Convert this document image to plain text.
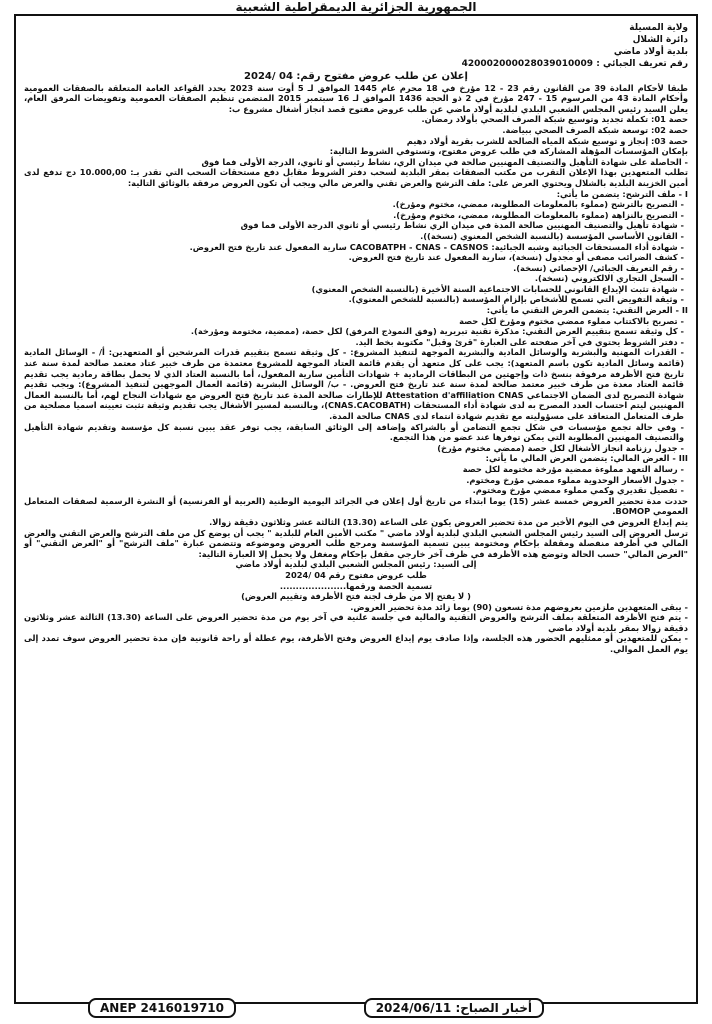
الجمهورية الجزائرية الديمقراطية الشعبية

ولاية المسيلة

دائرة الشلال

بلدية أولاد ماضي

رقم تعريف الجبائي : 420002000028039010009

إعلان عن طلب عروض مفتوح رقم: 04 /2024

طبقا لأحكام المادة 39 من القانون رقم 23 - 12 مؤرخ في 18 محرم عام 1445 الموافق لـ 5 أوت سنة 2023 يحدد القواعد العامة المتعلقة بالصفقات العمومية وأحكام المادة 43 من المرسوم 15 - 247 مؤرخ في 2 ذو الحجة 1436 الموافق لـ 16 سبتمبر 2015 المتضمن تنظيم الصفقات العمومية وتفويضات المرفق العام، يعلن السيد رئيس المجلس الشعبي البلدي لبلدية أولاد ماضي عن طلب عروض مفتوح قصد انجاز أشغال مشروع ب:

حصة 01: تكملة تجديد وتوسيع شبكة الصرف الصحي بأولاد رمضان.

حصة 02: توسعة شبكة الصرف الصحي ببياضة.

حصة 03: إنجاز و توسيع شبكة المياه الصالحة للشرب بقرية أولاد دهيم

بإمكان المؤسسات المؤهلة المشاركة في طلب عروض مفتوح، وتستوفي الشروط التالية:

- الحاصلة على شهادة التأهيل والتصنيف المهنيين صالحة في ميدان الري، نشاط رئيسي أو ثانوي، الدرجة الأولى فما فوق

تطلب المتعهدين بهذا الإعلان التقرب من مكتب الصفقات بمقر البلدية لسحب دفتر الشروط مقابل دفع مستحقات السحب التي تقدر بـ: 10.000,00 دج تدفع لدى أمين الخزينة البلدية بالشلال ويحتوي العرض على: ملف الترشح والعرض تقني والعرض مالي ويجب أن تكون العروض مرفقة بالوثائق التالية:

I - ملف الترشح: يتضمن ما يأتي:

- التصريح بالترشح (مملوء بالمعلومات المطلوبة، ممضي، مختوم ومؤرخ).

- التصريح بالنزاهة (مملوء بالمعلومات المطلوبة، ممضي، مختوم ومؤرخ).

- شهادة تأهيل والتصنيف المهنيين صالحة المدة في ميدان الري نشاط رئيسي أو ثانوي الدرجة الأولى فما فوق

- القانون الأساسي المؤسسة (بالنسبة الشخص المعنوي (نسخة)).

- شهادة أداء المستحقات الجبائية وشبه الجبائية: CACOBATPH - CNAS - CASNOS سارية المفعول عند تاريخ فتح العروض.

- كشف الضرائب مصفى أو مجدول (نسخة)، سارية المفعول عند تاريخ فتح العروض.

- رقم التعريف الجبائي/ الإحصائي (نسخة).

- السجل التجاري الالكتروني (نسخة).

- شهادة تثبت الإيداع القانوني للحسابات الاجتماعية السنة الأخيرة (بالنسبة الشخص المعنوي)

- وثيقة التفويض التي تسمح للأشخاص بإلزام المؤسسة (بالنسبة للشخص المعنوي).

II - العرض التقني: يتضمن العرض التقني ما يأتي:

- تصريح بالاكتتاب مملوء ممضي مختوم ومؤرخ لكل حصة

- كل وثيقة تسمح بتقييم العرض التقني: مذكرة تقنية تبريرية (وفق النموذج المرفق) لكل حصة، (ممضية، مختومة ومؤرخة).

- دفتر الشروط يحتوي في آخر صفحته على العبارة "قرئ وقبل" مكتوبة بخط اليد.

- القدرات المهنية والبشرية والوسائل المادية والبشرية الموجهة لتنفيذ المشروع: - كل وثيقة تسمح بتقييم قدرات المرشحين أو المتعهدين: أ/ - الوسائل المادية (قائمة وسائل المادية تكون باسم المتعهد): يجب على كل متعهد أن يقدم قائمة العتاد الموجهة للمشروع معتمدة من طرف خبير عتاد معتمد صالحة لمدة سنة عند تاريخ فتح الأظرفة مرفوقة بنسخ ذات وإجهتين من البطاقات الرمادية + شهادات التأمين سارية المفعول، أما بالنسبة العتاد الذي لا يحمل بطاقة رمادية يجب تقديم قائمة العتاد معدة من طرف خبير معتمد صالحة لمدة سنة عند تاريخ فتح العروض. - ب/ الوسائل البشرية (قائمة العمال الموجهين لتنفيذ المشروع): ويجب تقديم شهادة التصريح لدى الضمان الاجتماعي Attestation d'affiliation CNAS للإطارات صالحة المدة عند تاريخ فتح العروض مع شهادات النجاح لهم، أما بالنسبة العمال المهنيين ليتم احتساب العدد المصرح به لدى شهادة أداء المستحقات (CNAS.CACOBATH)، وبالنسبة لمسير الأشغال يجب تقديم وثيقة تثبت تعيينه اسميا مصلحية من طرف المتعامل المتعاقد على مسؤوليته مع تقديم شهادة انتماء لدى CNAS صالحة المدة.

- وفي حالة تجمع مؤسسات في شكل تجمع التضامن أو بالشراكة وإضافة إلى الوثائق السابقة، يجب توفر عقد يبين نسبة كل مؤسسة وتقديم شهادة التأهيل والتصنيف المهنيين المطلوبة التي يمكن توفرها عند عضو من هذا التجمع.

- جدول رزنامة انجاز الأشغال لكل حصة (ممضي مختوم مؤرخ)

III - العرض المالي: يتضمن العرض المالي ما يأتي:

- رسالة التعهد مملوءة ممضية مؤرخة مختومة لكل حصة

- جدول الأسعار الوحدوية مملوء ممضي مؤرخ ومختوم.

- تفصيل تقديري وكمي مملوء ممضي مؤرخ ومختوم.

حددت مدة تحضير العروض خمسة عشر (15) يوما ابتداء من تاريخ أول إعلان في الجرائد اليومية الوطنية (العربية أو الفرنسية) أو النشرة الرسمية لصفقات المتعامل العمومي BOMOP.

يتم إيداع العروض في اليوم الأخير من مدة تحضير العروض يكون على الساعة (13.30) الثالثة عشر وثلاثون دقيقة زوالا.

ترسل العروض إلى السيد رئيس المجلس الشعبي البلدي لبلدية أولاد ماضي " مكتب الأمين العام للبلدية " يجب أن يوضع كل من ملف الترشح والعرض التقني والعرض المالي في أظرفة منفصلة ومقفلة بإحكام ومختومة يبين تسمية المؤسسة ومرجع طلب العروض وموضوعه وتتضمن عبارة "ملف الترشح" أو "العرض التقني" أو "العرض المالي" حسب الحالة وتوضع هذه الأظرفة في ظرف آخر خارجي مقفل بإحكام ومغفل ولا يحمل إلا العبارة التالية:

إلى السيد: رئيس المجلس الشعبي البلدي لبلدية أولاد ماضي

طلب عروض مفتوح رقم 04 /2024

تسمية الحصة ورقمها.....................

( لا يفتح إلا من طرف لجنة فتح الأظرفة وتقييم العروض)

- يبقى المتعهدين ملزمين بعروضهم مدة تسعون (90) يوما زائد مدة تحضير العروض.

- يتم فتح الأظرفة المتعلقة بملف الترشح والعروض التقنية والمالية في جلسة علنية في آخر يوم من مدة تحضير العروض على الساعة (13.30) الثالثة عشر وثلاثون دقيقة زوالا بمقر بلدية أولاد ماضي

- يمكن للمتعهدين أو ممثليهم الحضور هذه الجلسة، وإذا صادف يوم إيداع العروض وفتح الأظرفة، يوم عطلة أو راحة قانونية فإن مدة تحضير العروض سوف تمدد إلى يوم العمل الموالي.

ANEP 2416019710	أخبار الصباح: 2024/06/11
